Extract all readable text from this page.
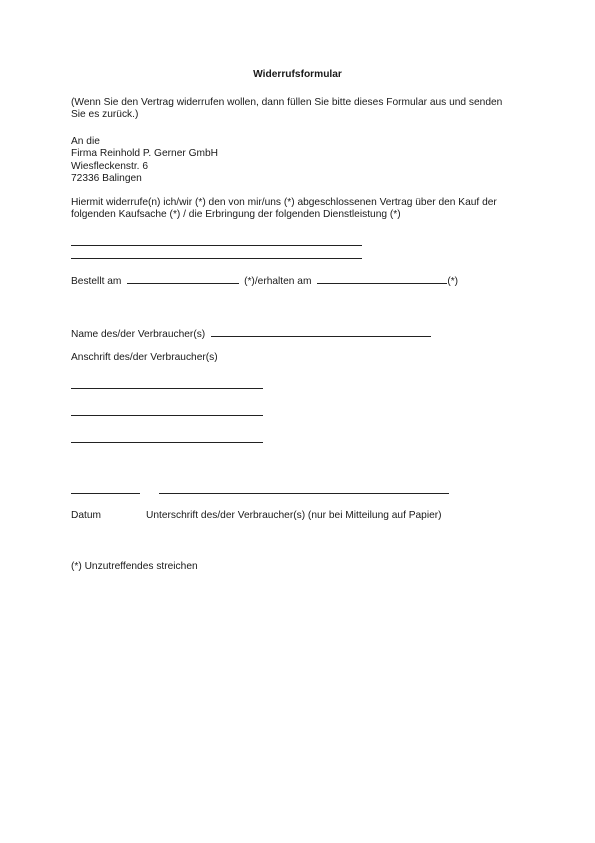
Widerrufsformular
(Wenn Sie den Vertrag widerrufen wollen, dann füllen Sie bitte dieses Formular aus und senden
Sie es zurück.)
An die
Firma Reinhold P. Gerner GmbH
Wiesfleckenstr. 6
72336 Balingen
Hiermit widerrufe(n) ich/wir (*) den von mir/uns (*) abgeschlossenen Vertrag über den Kauf der
folgenden Kaufsache (*) / die Erbringung der folgenden Dienstleistung (*)
Bestellt am	(*)/erhalten am	(*)
Name des/der Verbraucher(s)
Anschrift des/der Verbraucher(s)
Datum	Unterschrift des/der Verbraucher(s) (nur bei Mitteilung auf Papier)
(*) Unzutreffendes streichen
